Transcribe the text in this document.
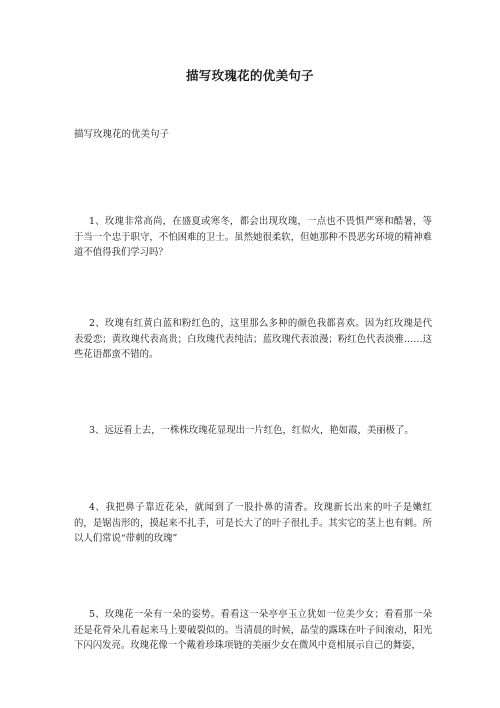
描写玫瑰花的优美句子
描写玫瑰花的优美句子

1、玫瑰非常高尚，在盛夏或寒冬，都会出现玫瑰，一点也不畏惧严寒和酷暑，等于当一个忠于职守，不怕困难的卫士。虽然她很柔软，但她那种不畏恶劣环境的精神难道不值得我们学习吗？

2、玫瑰有红黄白蓝和粉红色的，这里那么多种的颜色我都喜欢。因为红玫瑰是代表爱恋；黄玫瑰代表高贵；白玫瑰代表纯洁；蓝玫瑰代表浪漫；粉红色代表淡雅……这些花语都蛮不错的。

3、远远看上去，一株株玫瑰花显现出一片红色，红似火，艳如霞，美丽极了。

4、我把鼻子靠近花朵，就闻到了一股扑鼻的清香。玫瑰新长出来的叶子是嫩红的，是锯齿形的，摸起来不扎手，可是长大了的叶子很扎手。其实它的茎上也有刺。所以人们常说“带刺的玫瑰”

5、玫瑰花一朵有一朵的姿势。看看这一朵亭亭玉立犹如一位美少女；看看那一朵还是花骨朵儿看起来马上要破裂似的。当清晨的时候，晶莹的露珠在叶子间滚动，阳光下闪闪发亮。玫瑰花像一个戴着珍珠项链的美丽少女在微风中竟相展示自己的舞姿，
